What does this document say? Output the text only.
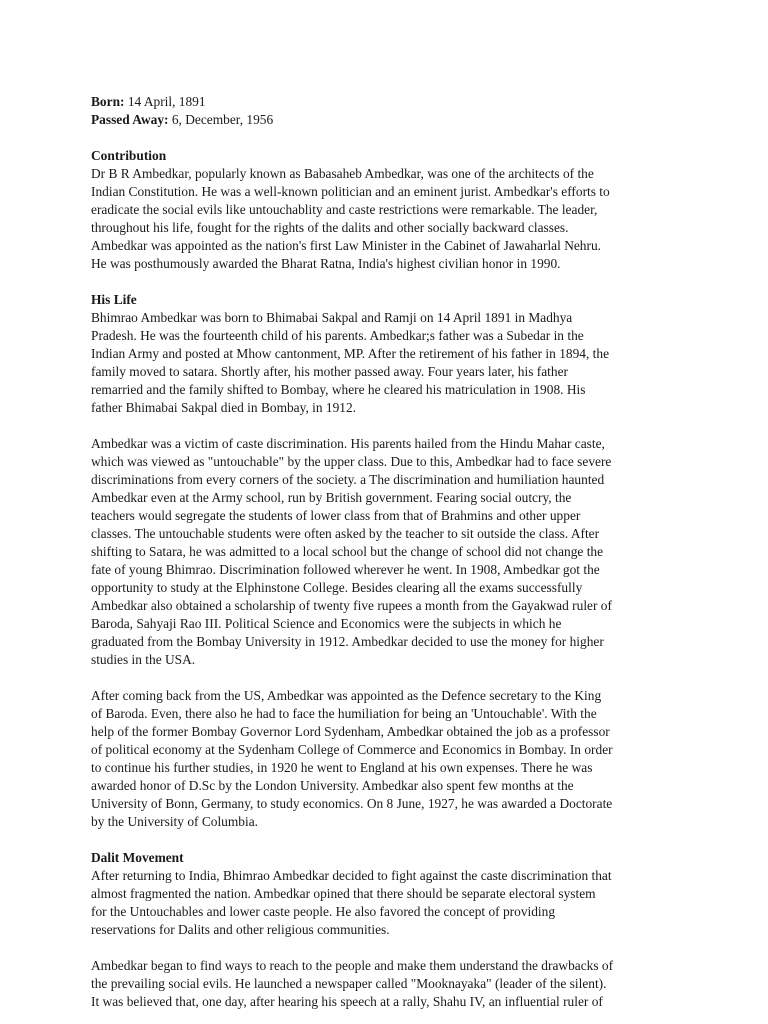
Born: 14 April, 1891
Passed Away: 6, December, 1956
Contribution
Dr B R Ambedkar, popularly known as Babasaheb Ambedkar, was one of the architects of the
Indian Constitution. He was a well-known politician and an eminent jurist. Ambedkar's efforts to
eradicate the social evils like untouchablity and caste restrictions were remarkable. The leader,
throughout his life, fought for the rights of the dalits and other socially backward classes.
Ambedkar was appointed as the nation's first Law Minister in the Cabinet of Jawaharlal Nehru.
He was posthumously awarded the Bharat Ratna, India's highest civilian honor in 1990.
His Life
Bhimrao Ambedkar was born to Bhimabai Sakpal and Ramji on 14 April 1891 in Madhya
Pradesh. He was the fourteenth child of his parents. Ambedkar;s father was a Subedar in the
Indian Army and posted at Mhow cantonment, MP. After the retirement of his father in 1894, the
family moved to satara. Shortly after, his mother passed away. Four years later, his father
remarried and the family shifted to Bombay, where he cleared his matriculation in 1908. His
father Bhimabai Sakpal died in Bombay, in 1912.
Ambedkar was a victim of caste discrimination. His parents hailed from the Hindu Mahar caste,
which was viewed as "untouchable" by the upper class. Due to this, Ambedkar had to face severe
discriminations from every corners of the society. a The discrimination and humiliation haunted
Ambedkar even at the Army school, run by British government. Fearing social outcry, the
teachers would segregate the students of lower class from that of Brahmins and other upper
classes. The untouchable students were often asked by the teacher to sit outside the class. After
shifting to Satara, he was admitted to a local school but the change of school did not change the
fate of young Bhimrao. Discrimination followed wherever he went. In 1908, Ambedkar got the
opportunity to study at the Elphinstone College. Besides clearing all the exams successfully
Ambedkar also obtained a scholarship of twenty five rupees a month from the Gayakwad ruler of
Baroda, Sahyaji Rao III. Political Science and Economics were the subjects in which he
graduated from the Bombay University in 1912. Ambedkar decided to use the money for higher
studies in the USA.
After coming back from the US, Ambedkar was appointed as the Defence secretary to the King
of Baroda. Even, there also he had to face the humiliation for being an 'Untouchable'. With the
help of the former Bombay Governor Lord Sydenham, Ambedkar obtained the job as a professor
of political economy at the Sydenham College of Commerce and Economics in Bombay. In order
to continue his further studies, in 1920 he went to England at his own expenses. There he was
awarded honor of D.Sc by the London University. Ambedkar also spent few months at the
University of Bonn, Germany, to study economics. On 8 June, 1927, he was awarded a Doctorate
by the University of Columbia.
Dalit Movement
After returning to India, Bhimrao Ambedkar decided to fight against the caste discrimination that
almost fragmented the nation. Ambedkar opined that there should be separate electoral system
for the Untouchables and lower caste people. He also favored the concept of providing
reservations for Dalits and other religious communities.
Ambedkar began to find ways to reach to the people and make them understand the drawbacks of
the prevailing social evils. He launched a newspaper called "Mooknayaka" (leader of the silent).
It was believed that, one day, after hearing his speech at a rally, Shahu IV, an influential ruler of
